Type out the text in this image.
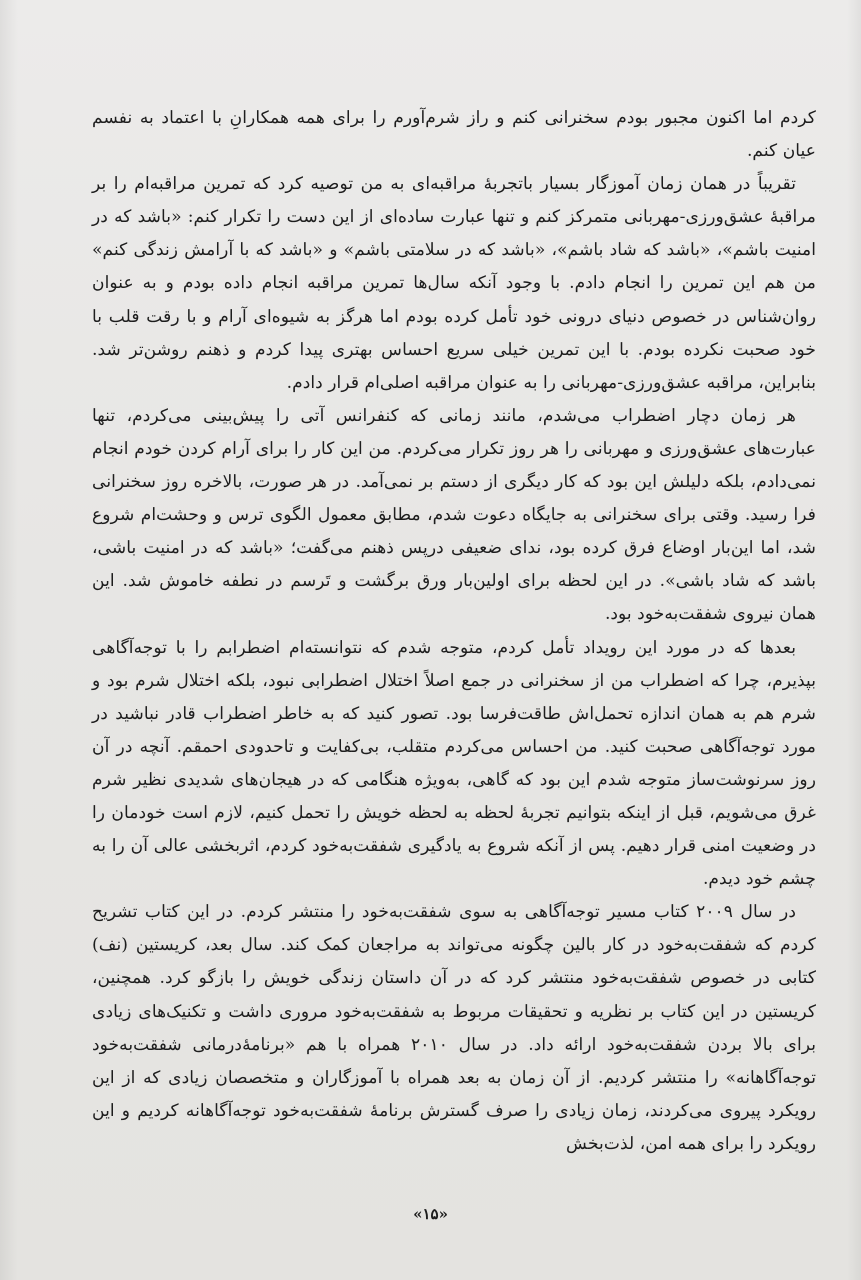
کردم اما اکنون مجبور بودم سخنرانی کنم و راز شرم‌آورم را برای همه همکارانِ با اعتماد به نفسم عیان کنم.

تقریباً در همان زمان آموزگار بسیار باتجربهٔ مراقبه‌ای به من توصیه کرد که تمرین مراقبه‌ام را بر مراقبهٔ عشق‌ورزی-مهربانی متمرکز کنم و تنها عبارت ساده‌ای از این دست را تکرار کنم: «باشد که در امنیت باشم»، «باشد که شاد باشم»، «باشد که در سلامتی باشم» و «باشد که با آرامش زندگی کنم» من هم این تمرین را انجام دادم. با وجود آنکه سال‌ها تمرین مراقبه انجام داده بودم و به عنوان روان‌شناس در خصوص دنیای درونی خود تأمل کرده بودم اما هرگز به شیوه‌ای آرام و با رقت قلب با خود صحبت نکرده بودم. با این تمرین خیلی سریع احساس بهتری پیدا کردم و ذهنم روشن‌تر شد. بنابراین، مراقبه عشق‌ورزی-مهربانی را به عنوان مراقبه اصلی‌ام قرار دادم.

هر زمان دچار اضطراب می‌شدم، مانند زمانی که کنفرانس آتی را پیش‌بینی می‌کردم، تنها عبارت‌های عشق‌ورزی و مهربانی را هر روز تکرار می‌کردم. من این کار را برای آرام کردن خودم انجام نمی‌دادم، بلکه دلیلش این بود که کار دیگری از دستم بر نمی‌آمد. در هر صورت، بالاخره روز سخنرانی فرا رسید. وقتی برای سخنرانی به جایگاه دعوت شدم، مطابق معمول الگوی ترس و وحشت‌ام شروع شد، اما این‌بار اوضاع فرق کرده بود، ندای ضعیفی درپس ذهنم می‌گفت؛ «باشد که در امنیت باشی، باشد که شاد باشی». در این لحظه برای اولین‌بار ورق برگشت و تَرسم در نطفه خاموش شد. این همان نیروی شفقت‌به‌خود بود.

بعدها که در مورد این رویداد تأمل کردم، متوجه شدم که نتوانسته‌ام اضطرابم را با توجه‌آگاهی بپذیرم، چرا که اضطراب من از سخنرانی در جمع اصلاً اختلال اضطرابی نبود، بلکه اختلال شرم بود و شرم هم به همان اندازه تحمل‌اش طاقت‌فرسا بود. تصور کنید که به خاطر اضطراب قادر نباشید در مورد توجه‌آگاهی صحبت کنید. من احساس می‌کردم متقلب، بی‌کفایت و تاحدودی احمقم. آنچه در آن روز سرنوشت‌ساز متوجه شدم این بود که گاهی، به‌ویژه هنگامی که در هیجان‌های شدیدی نظیر شرم غرق می‌شویم، قبل از اینکه بتوانیم تجربهٔ لحظه به لحظه خویش را تحمل کنیم، لازم است خودمان را در وضعیت امنی قرار دهیم. پس از آنکه شروع به یادگیری شفقت‌به‌خود کردم، اثربخشی عالی آن را به چشم خود دیدم.

در سال ۲۰۰۹ کتاب مسیر توجه‌آگاهی به سوی شفقت‌به‌خود را منتشر کردم. در این کتاب تشریح کردم که شفقت‌به‌خود در کار بالین چگونه می‌تواند به مراجعان کمک کند. سال بعد، کریستین (نف) کتابی در خصوص شفقت‌به‌خود منتشر کرد که در آن داستان زندگی خویش را بازگو کرد. همچنین، کریستین در این کتاب بر نظریه و تحقیقات مربوط به شفقت‌به‌خود مروری داشت و تکنیک‌های زیادی برای بالا بردن شفقت‌به‌خود ارائه داد. در سال ۲۰۱۰ همراه با هم «برنامهٔ‌درمانی شفقت‌به‌خود توجه‌آگاهانه» را منتشر کردیم. از آن زمان به بعد همراه با آموزگاران و متخصصان زیادی که از این رویکرد پیروی می‌کردند، زمان زیادی را صرف گسترش برنامهٔ شفقت‌به‌خود توجه‌آگاهانه کردیم و این رویکرد را برای همه امن، لذت‌بخش

«۱۵»
